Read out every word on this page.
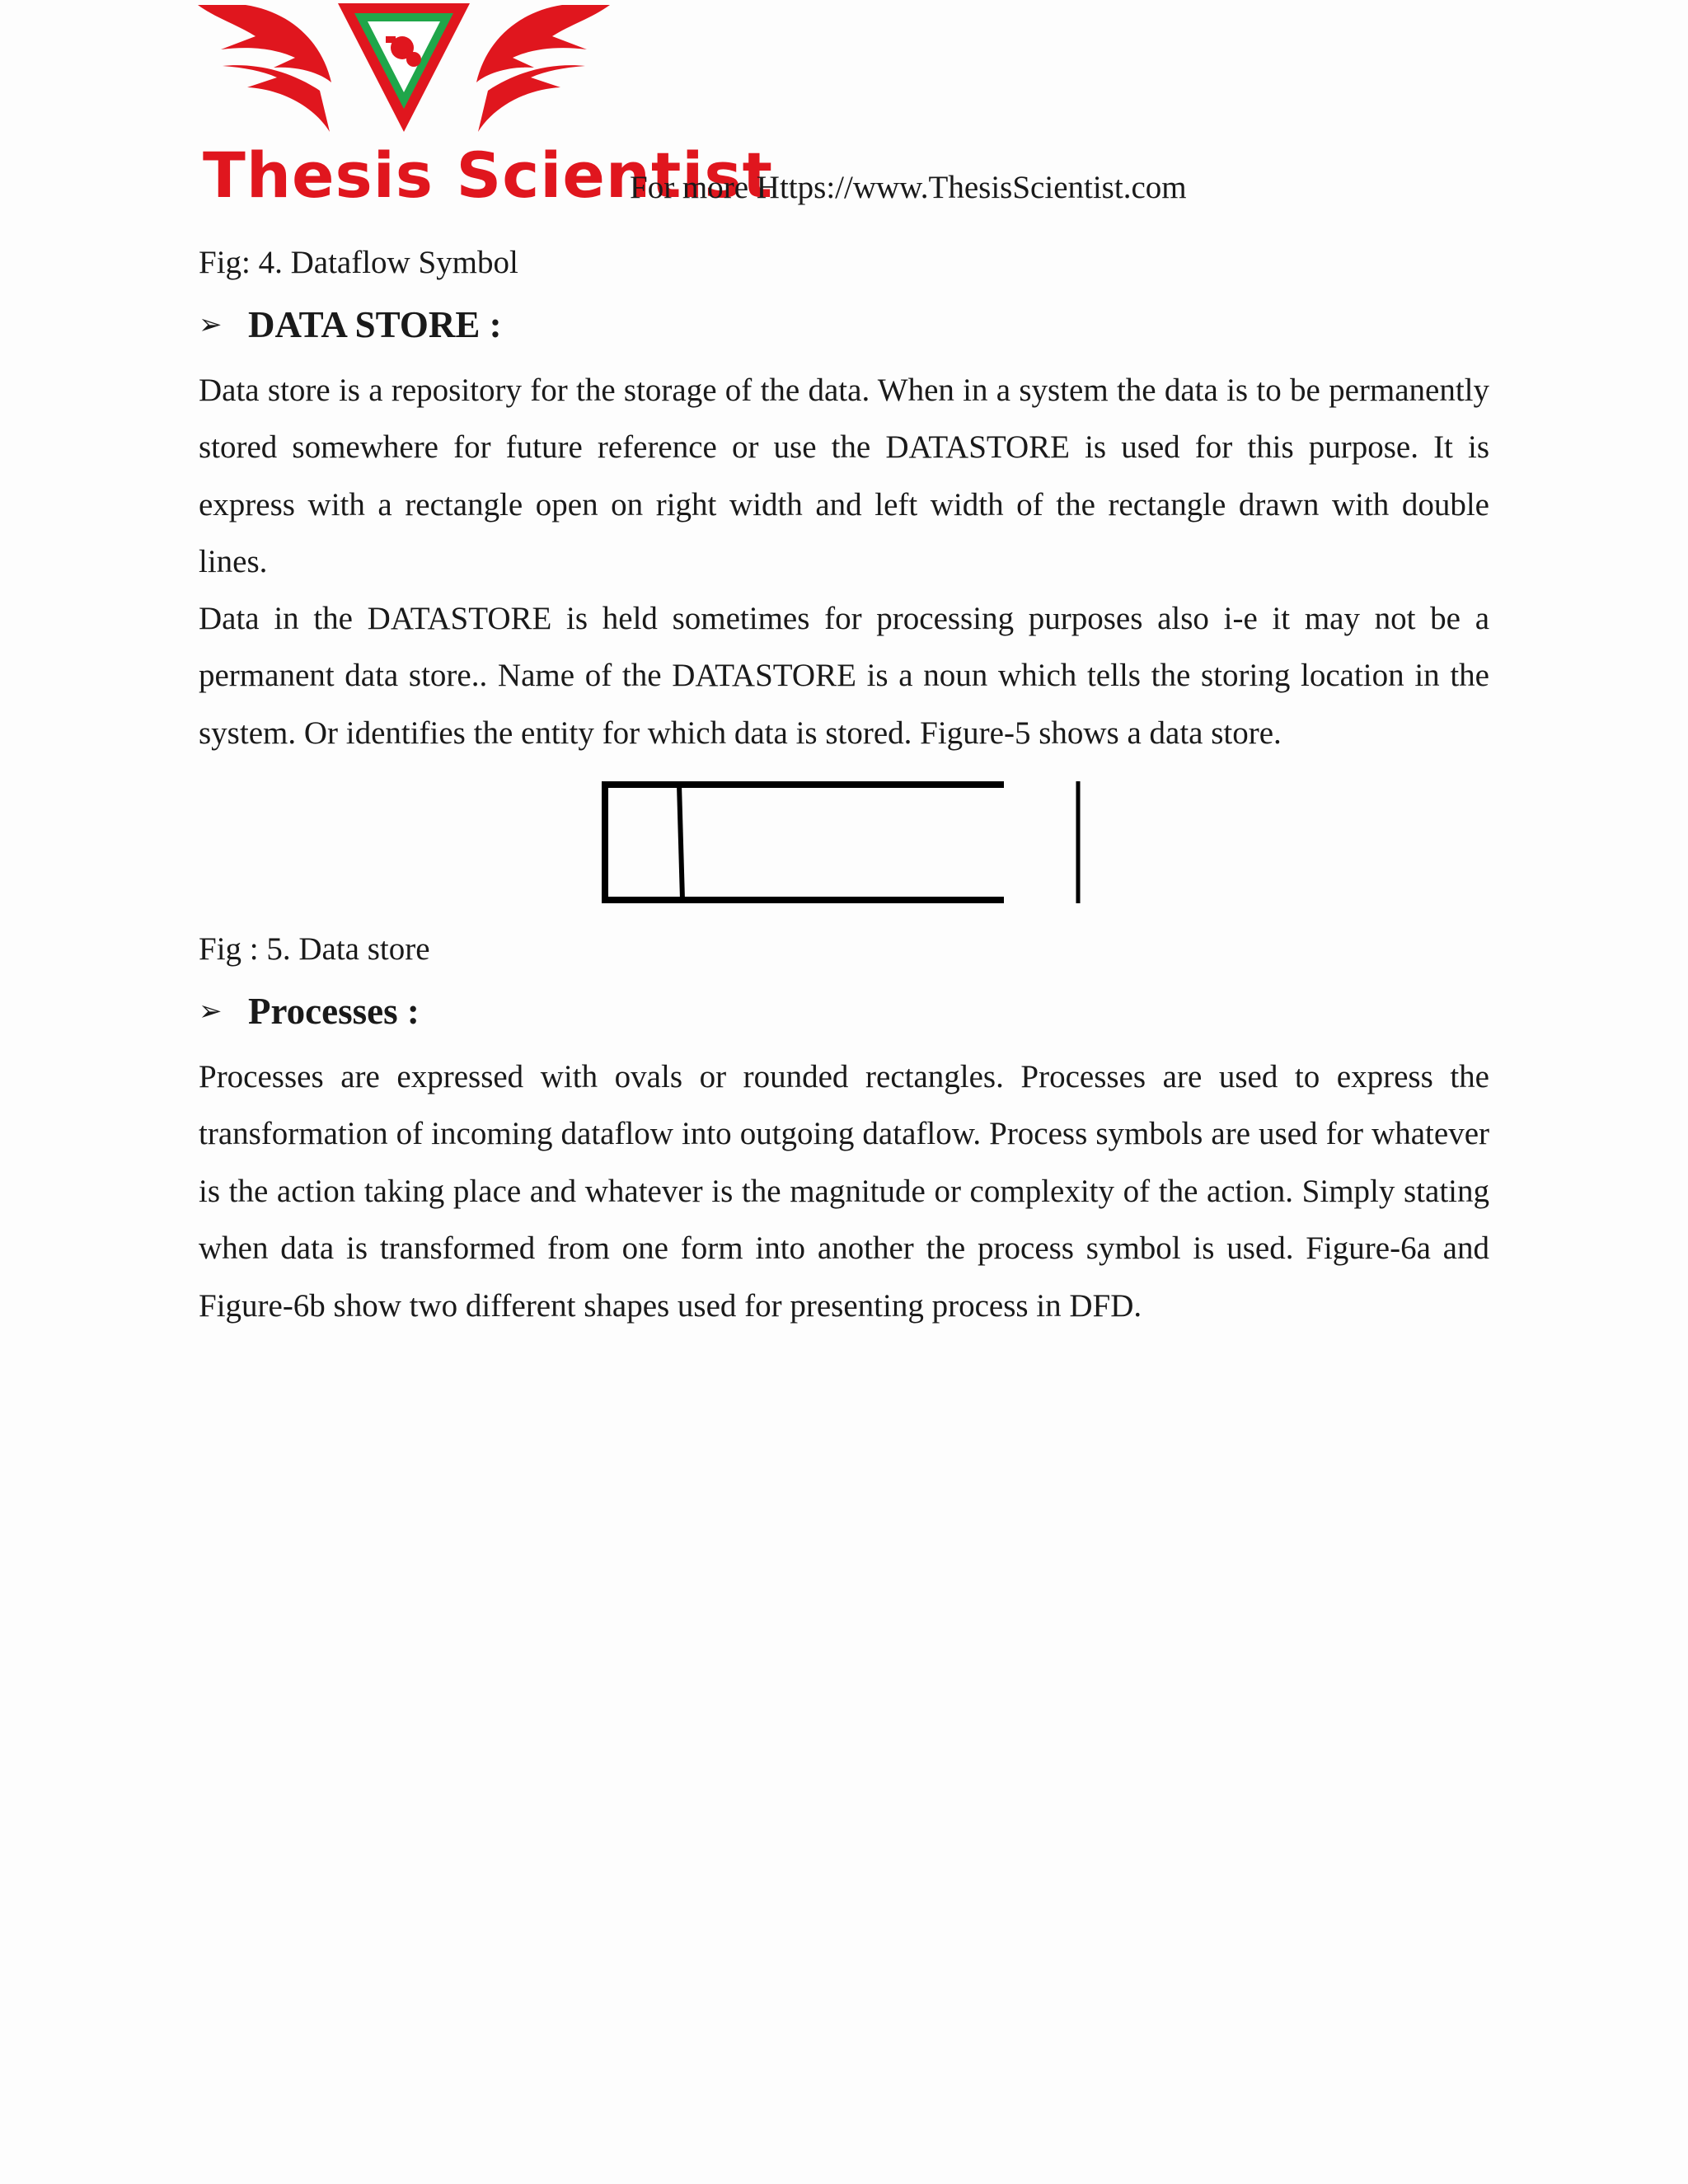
Thesis Scientist
For more Https://www.ThesisScientist.com
Fig: 4. Dataflow Symbol
➢ DATA STORE :

Data store is a repository for the storage of the data. When in a system the data is to be permanently stored somewhere for future reference or use the DATASTORE is used for this purpose. It is express with a rectangle open on right width and left width of the rectangle drawn with double lines.

Data in the DATASTORE is held sometimes for processing purposes also i-e it may not be a permanent data store.. Name of the DATASTORE is a noun which tells the storing location in the system. Or identifies the entity for which data is stored. Figure-5 shows a data store.

Fig : 5. Data store
➢ Processes :

Processes are expressed with ovals or rounded rectangles. Processes are used to express the transformation of incoming dataflow into outgoing dataflow. Process symbols are used for whatever is the action taking place and whatever is the magnitude or complexity of the action. Simply stating when data is transformed from one form into another the process symbol is used. Figure-6a and Figure-6b show two different shapes used for presenting process in DFD.
